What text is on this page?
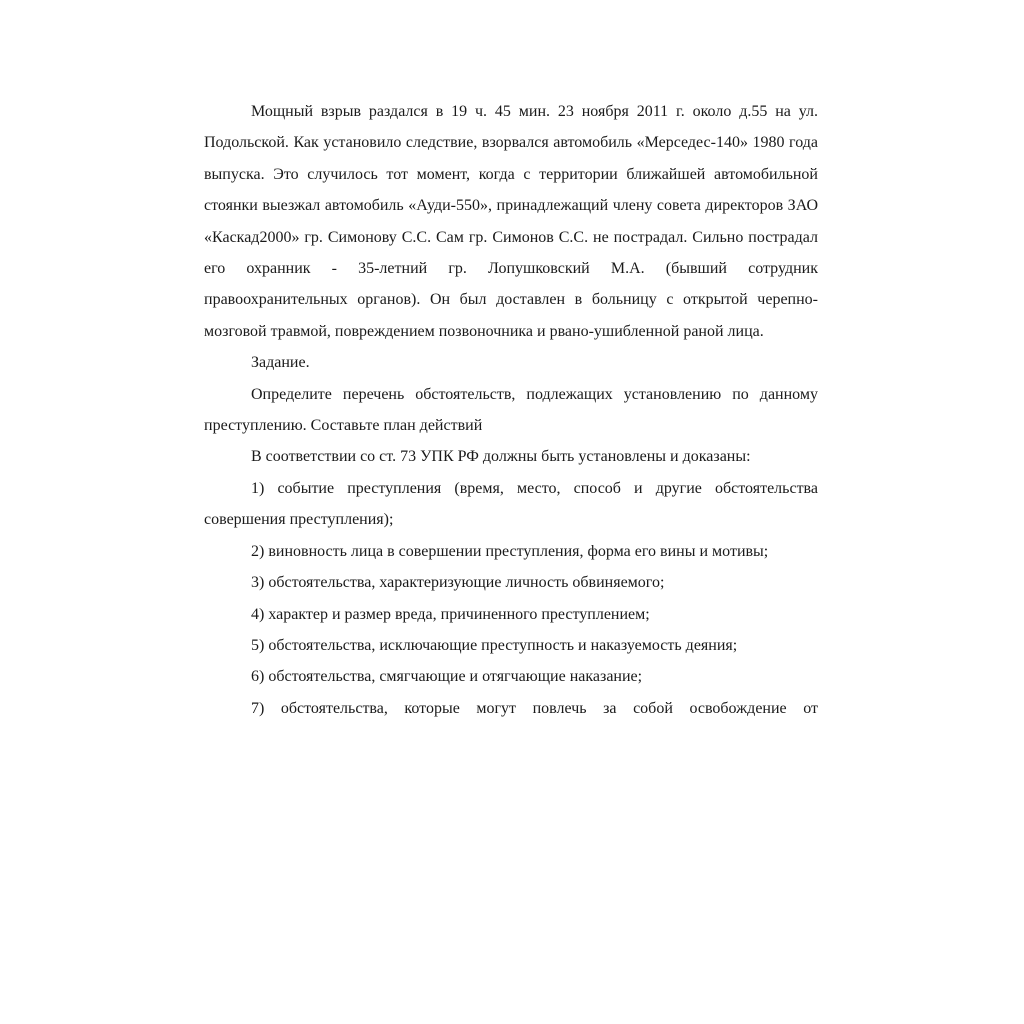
Мощный взрыв раздался в 19 ч. 45 мин. 23 ноября 2011 г. около д.55 на ул. Подольской. Как установило следствие, взорвался автомобиль «Мерседес-140» 1980 года выпуска. Это случилось тот момент, когда с территории ближайшей автомобильной стоянки выезжал автомобиль «Ауди-550», принадлежащий члену совета директоров ЗАО «Каскад2000» гр. Симонову С.С. Сам гр. Симонов С.С. не пострадал. Сильно пострадал его охранник - 35-летний гр. Лопушковский М.А. (бывший сотрудник правоохранительных органов). Он был доставлен в больницу с открытой черепно-мозговой травмой, повреждением позвоночника и рвано-ушибленной раной лица.

Задание.

Определите перечень обстоятельств, подлежащих установлению по данному преступлению. Составьте план действий

В соответствии со ст. 73 УПК РФ должны быть установлены и доказаны:

1) событие преступления (время, место, способ и другие обстоятельства совершения преступления);

2) виновность лица в совершении преступления, форма его вины и мотивы;

3) обстоятельства, характеризующие личность обвиняемого;

4) характер и размер вреда, причиненного преступлением;

5) обстоятельства, исключающие преступность и наказуемость деяния;

6) обстоятельства, смягчающие и отягчающие наказание;

7) обстоятельства, которые могут повлечь за собой освобождение от
